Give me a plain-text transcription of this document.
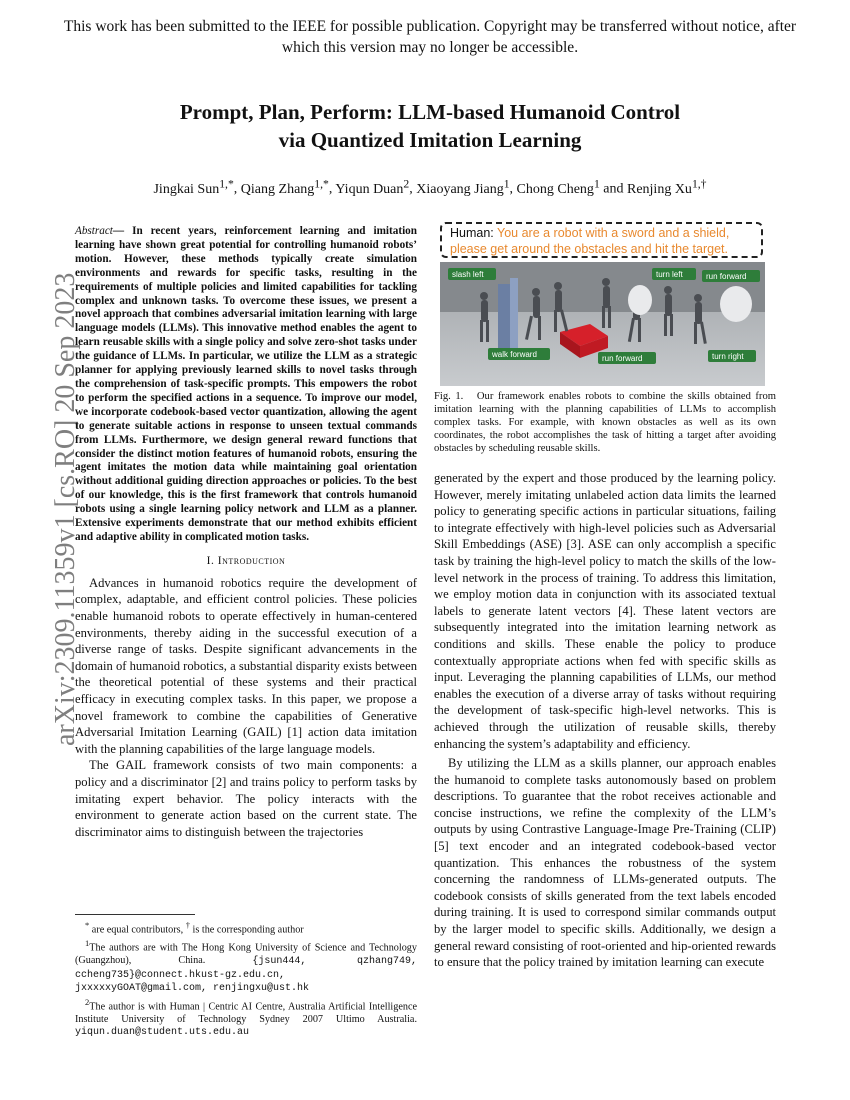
This work has been submitted to the IEEE for possible publication. Copyright may be transferred without notice, after which this version may no longer be accessible.
Prompt, Plan, Perform: LLM-based Humanoid Control
via Quantized Imitation Learning
Jingkai Sun$^{1,*}$, Qiang Zhang$^{1,*}$, Yiqun Duan$^2$, Xiaoyang Jiang$^1$, Chong Cheng$^1$ and Renjing $Xu^{1,\dagger}$
arXiv:2309.11359v1 [cs.RO] 20 Sep 2023
Abstract— In recent years, reinforcement learning and imitation learning have shown great potential for controlling humanoid robots’ motion. However, these methods typically create simulation environments and rewards for specific tasks, resulting in the requirements of multiple policies and limited capabilities for tackling complex and unknown tasks. To overcome these issues, we present a novel approach that combines adversarial imitation learning with large language models (LLMs). This innovative method enables the agent to learn reusable skills with a single policy and solve zero-shot tasks under the guidance of LLMs. In particular, we utilize the LLM as a strategic planner for applying previously learned skills to novel tasks through the comprehension of task-specific prompts. This empowers the robot to perform the specified actions in a sequence. To improve our model, we incorporate codebook-based vector quantization, allowing the agent to generate suitable actions in response to unseen textual commands from LLMs. Furthermore, we design general reward functions that consider the distinct motion features of humanoid robots, ensuring the agent imitates the motion data while maintaining goal orientation without additional guiding direction approaches or policies. To the best of our knowledge, this is the first framework that controls humanoid robots using a single learning policy network and LLM as a planner. Extensive experiments demonstrate that our method exhibits efficient and adaptive ability in complicated motion tasks.
I. Introduction

Advances in humanoid robotics require the development of complex, adaptable, and efficient control policies. These policies enable humanoid robots to operate effectively in human-centered environments, thereby aiding in the successful execution of a diverse range of tasks. Despite significant advancements in the domain of humanoid robotics, a substantial disparity exists between the theoretical potential of these systems and their practical efficacy in executing complex tasks. In this paper, we propose a novel framework to combine the capabilities of Generative Adversarial Imitation Learning (GAIL) [1] action data imitation with the planning capabilities of the large language models.

The GAIL framework consists of two main components: a policy and a discriminator [2] and trains policy to perform tasks by imitating expert behavior. The policy interacts with the environment to generate action based on the current state. The discriminator aims to distinguish between the trajectories

* are equal contributors, † is the corresponding author

$^1$The authors are with The Hong Kong University of Science and Technology (Guangzhou), China.	{jsun444, qzhang749, ccheng735}@connect.hkust-gz.edu.cn, jxxxxxyGOAT@gmail.com, renjingxu@ust.hk

$^2$The author is with Human | Centric AI Centre, Australia Artificial Intelligence Institute University of Technology Sydney 2007 Ultimo Australia. yiqun.duan@student.uts.edu.au

Human: You are a robot with a sword and a shield, please get around the obstacles and hit the target.
slash left	turn left	run forward
walk forward	run forward	turn right
Fig. 1. Our framework enables robots to combine the skills obtained from imitation learning with the planning capabilities of LLMs to accomplish complex tasks. For example, with known obstacles as well as its own coordinates, the robot accomplishes the task of hitting a target after avoiding obstacles by scheduling reusable skills.

generated by the expert and those produced by the learning policy. However, merely imitating unlabeled action data limits the learned policy to generating specific actions in particular situations, failing to integrate effectively with high-level policies such as Adversarial Skill Embeddings (ASE) [3]. ASE can only accomplish a specific task by training the high-level policy to match the skills of the low-level network in the process of training. To address this limitation, we employ motion data in conjunction with its associated textual labels to generate latent vectors [4]. These latent vectors are subsequently integrated into the imitation learning network as conditions and skills. These enable the policy to produce contextually appropriate actions when fed with specific skills as input. Leveraging the planning capabilities of LLMs, our method enables the execution of a diverse array of tasks without requiring the development of task-specific high-level networks. This is achieved through the utilization of reusable skills, thereby enhancing the system’s adaptability and efficiency.

By utilizing the LLM as a skills planner, our approach enables the humanoid to complete tasks autonomously based on problem descriptions. To guarantee that the robot receives actionable and concise instructions, we refine the complexity of the LLM’s outputs by using Contrastive Language-Image Pre-Training (CLIP) [5] text encoder and an integrated codebook-based vector quantization. This enhances the robustness of the system concerning the randomness of LLMs-generated outputs. The codebook consists of skills generated from the text labels encoded during training. It is used to correspond similar commands output by the larger model to specific skills. Additionally, we design a general reward consisting of root-oriented and hip-oriented rewards to ensure that the policy trained by imitation learning can execute
